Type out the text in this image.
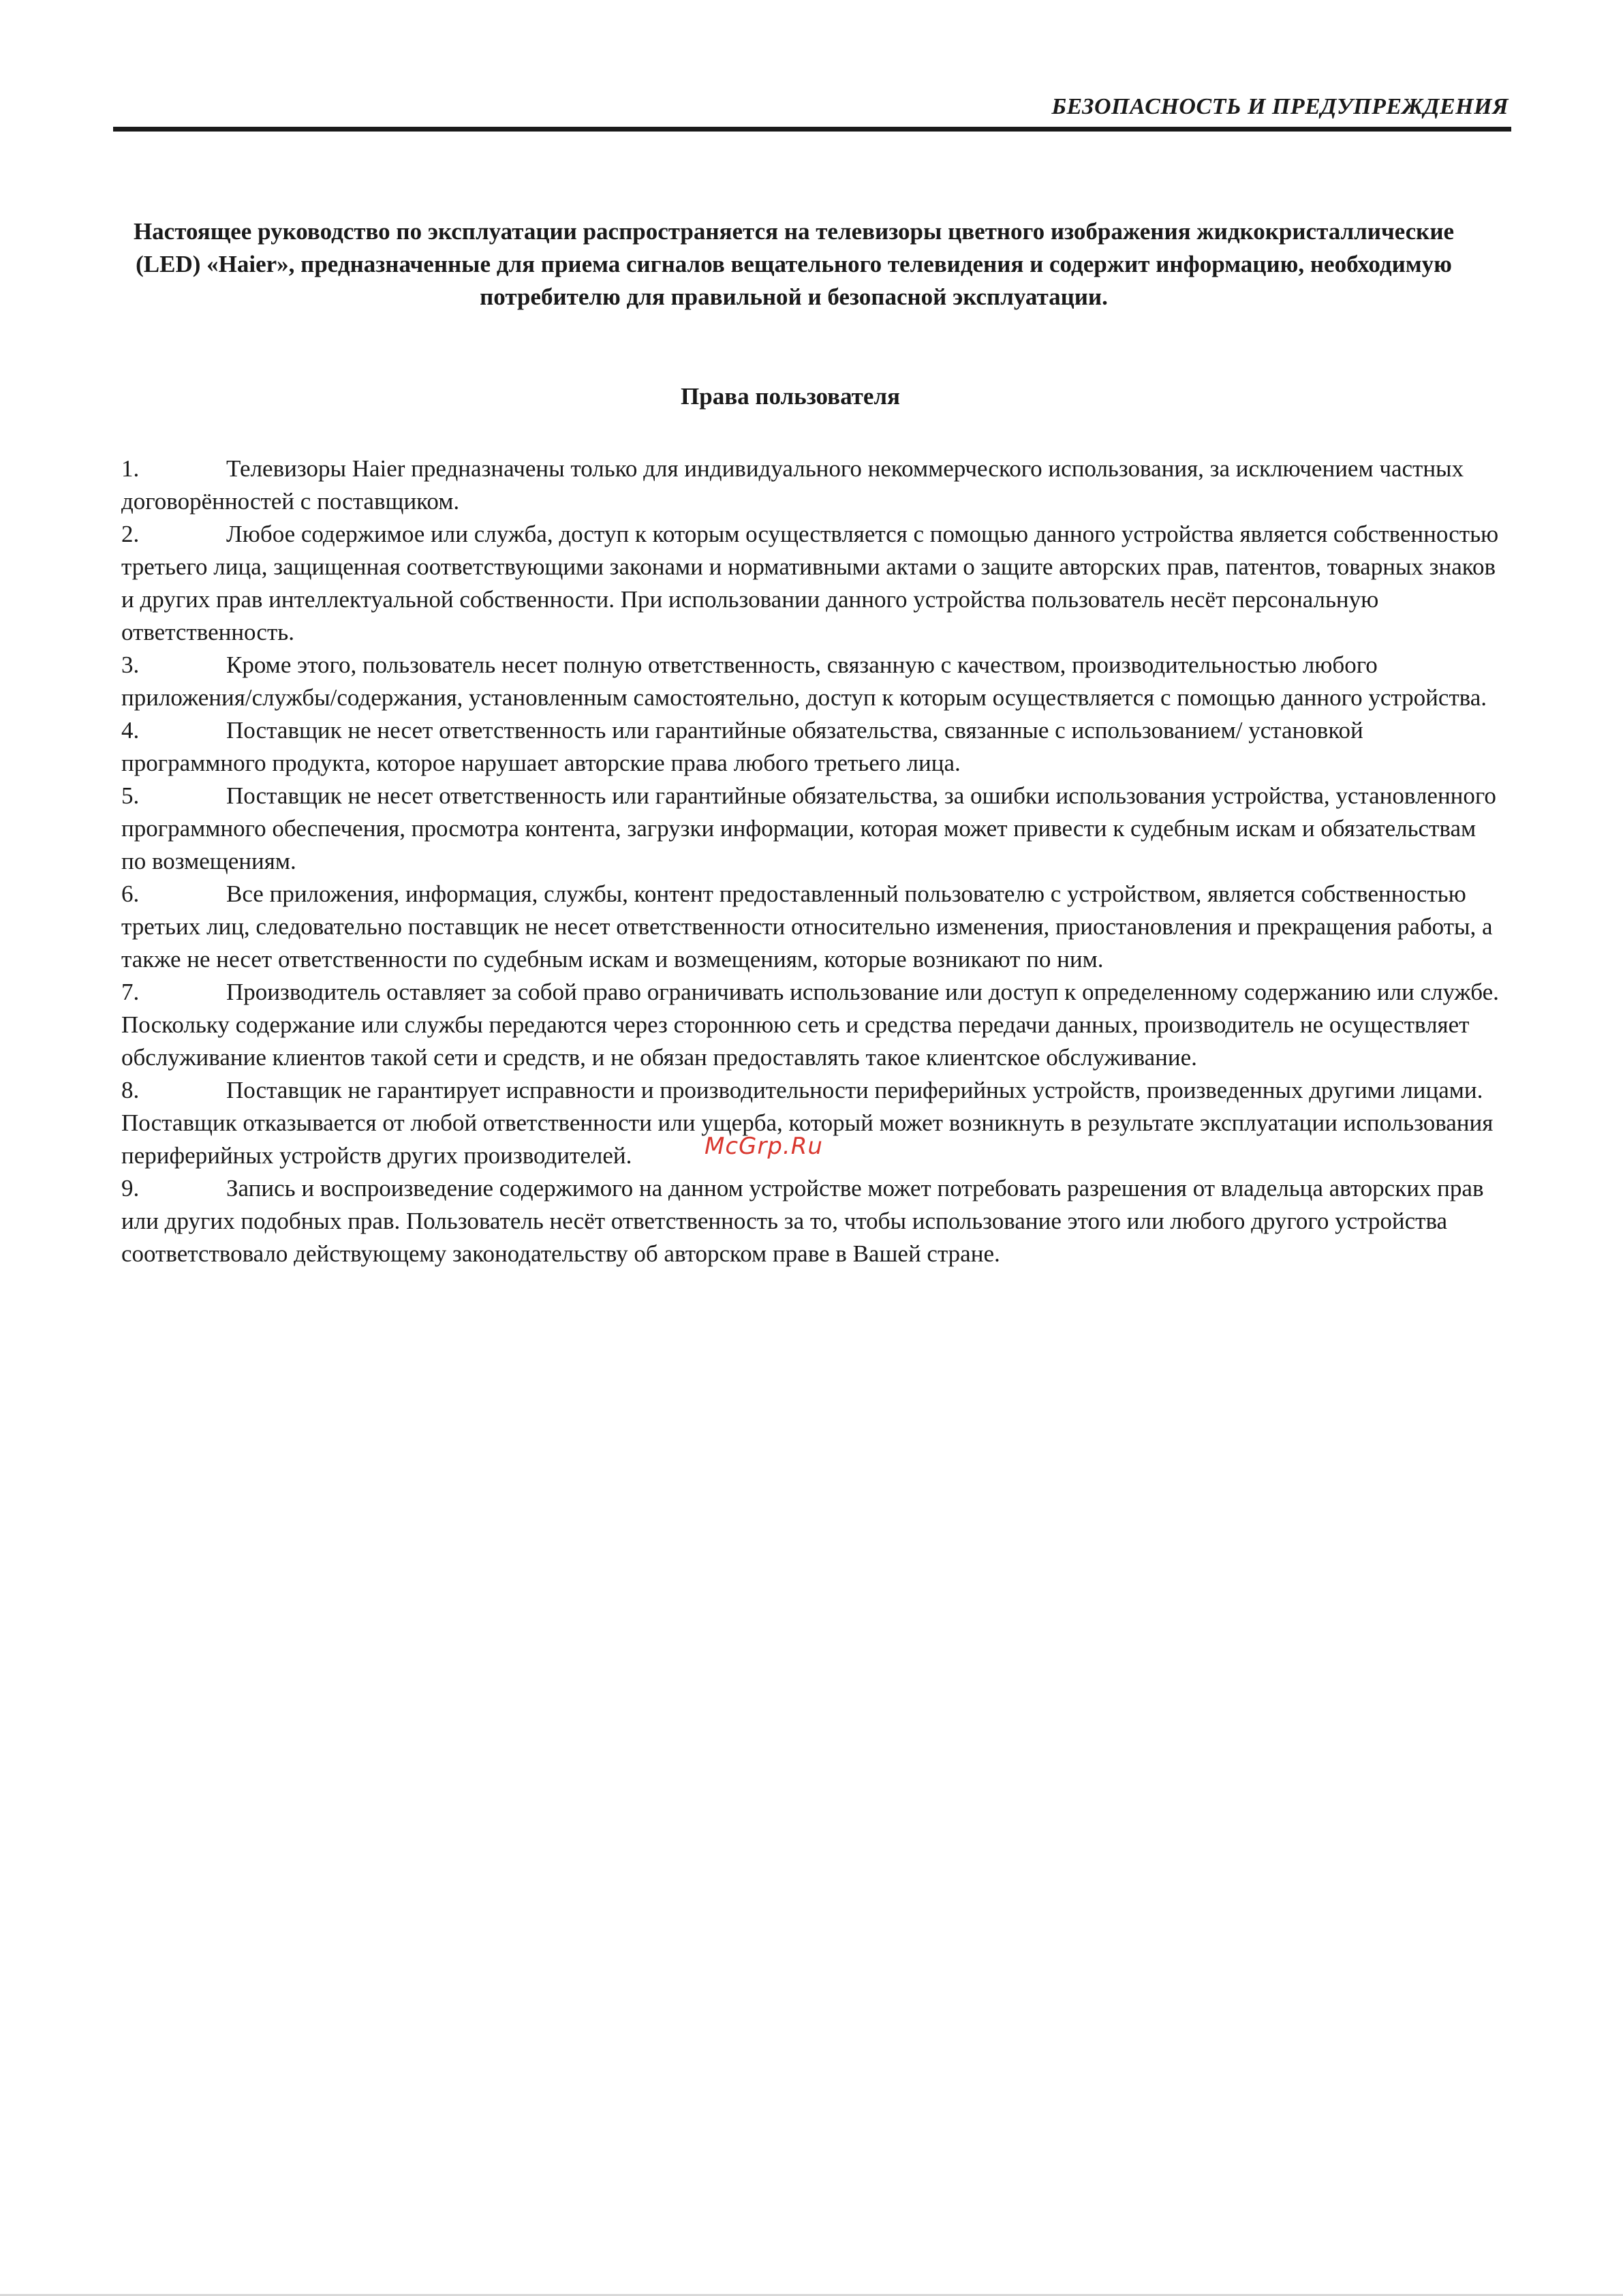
БЕЗОПАСНОСТЬ И ПРЕДУПРЕЖДЕНИЯ
Настоящее руководство по эксплуатации распространяется на телевизоры цветного изображения жидкокристаллические (LED) «Haier», предназначенные для приема сигналов вещательного телевидения и содержит информацию, необходимую потребителю для правильной и безопасной эксплуатации.
Права пользователя

1.	Телевизоры Haier предназначены только для индивидуального некоммерческого использования, за исключением частных договорённостей с поставщиком.

2.	Любое содержимое или служба, доступ к которым осуществляется с помощью данного устройства является собственностью третьего лица, защищенная соответствующими законами и нормативными актами о защите авторских прав, патентов, товарных знаков и других прав интеллектуальной собственности. При использовании данного устройства пользователь несёт персональную ответственность.

3.	Кроме этого, пользователь несет полную ответственность, связанную с качеством, производительностью любого приложения/службы/содержания, установленным самостоятельно, доступ к которым осуществляется с помощью данного устройства.

4.	Поставщик не несет ответственность или гарантийные обязательства, связанные с использованием/ установкой программного продукта, которое нарушает авторские права любого третьего лица.

5.	Поставщик не несет ответственность или гарантийные обязательства, за ошибки использования устройства, установленного программного обеспечения, просмотра контента, загрузки информации, которая может привести к судебным искам и обязательствам по возмещениям.

6.	Все приложения, информация, службы, контент предоставленный пользователю с устройством, является собственностью третьих лиц, следовательно поставщик не несет ответственности относительно изменения, приостановления и прекращения работы, а также не несет ответственности по судебным искам и возмещениям, которые возникают по ним.

7.	Производитель оставляет за собой право ограничивать использование или доступ к определенному содержанию или службе. Поскольку содержание или службы передаются через стороннюю сеть и средства передачи данных, производитель не осуществляет обслуживание клиентов такой сети и средств, и не обязан предоставлять такое клиентское обслуживание.

8.	Поставщик не гарантирует исправности и производительности периферийных устройств, произведенных другими лицами. Поставщик отказывается от любой ответственности или ущерба, который может возникнуть в результате эксплуатации использования периферийных устройств других производителей.

9.	Запись и воспроизведение содержимого на данном устройстве может потребовать разрешения от владельца авторских прав или других подобных прав. Пользователь несёт ответственность за то, чтобы использование этого или любого другого устройства соответствовало действующему законодательству об авторском праве в Вашей стране.

McGrp.Ru
